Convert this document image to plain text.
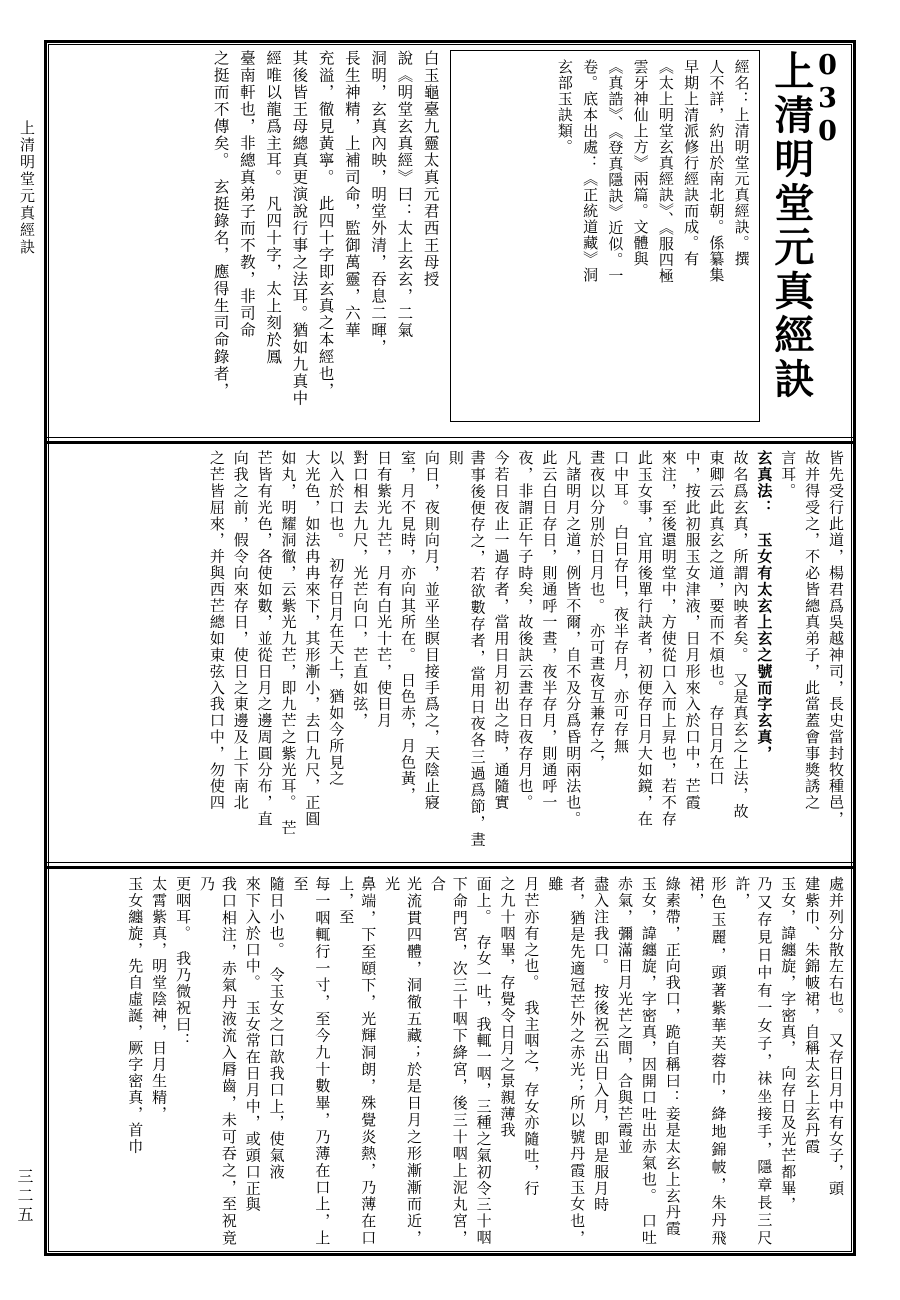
上清明堂元真經訣
三二五
030
上清明堂元真經訣
經名：上清明堂元真經訣。撰
人不詳，約出於南北朝。係纂集
早期上清派修行經訣而成。有
《太上明堂玄真經訣》、《服四極
雲牙神仙上方》兩篇。文體與
《真誥》、《登真隱訣》近似。一
卷。底本出處：《正統道藏》洞
玄部玉訣類。
白玉龜臺九靈太真元君西王母授
說《明堂玄真經》曰：太上玄玄，二氣
洞明，玄真內映，明堂外清，吞息二暉，
長生神精，上補司命，監御萬靈，六華
充溢，徹見黃寧。　此四十字即玄真之本經也，
其後皆王母總真更演說行事之法耳。猶如九真中
經唯以龍爲主耳。　凡四十字，太上刻於鳳
臺南軒也，非總真弟子而不教，非司命
之挺而不傳矣。　玄挺錄名，應得生司命錄者，
皆先受行此道，楊君爲吳越神司，長史當封牧種邑，
故并得受之，不必皆總真弟子，此當蓋會事獎誘之
言耳。
玄真法：　玉女有太玄上玄之號而字玄真，
故名爲玄真，所謂內映者矣。　又是真玄之上法，故
東卿云此真玄之道，要而不煩也。　存日月在口
中，按此初服玉女津液，日月形來入於口中，芒霞
來注，至後還明堂中，方使從口入而上昇也，若不存
此玉女事，宜用後單行訣者，初便存日月大如鏡，在
口中耳。　白日存日，夜半存月，亦可存無
晝夜以分別於日月也。　亦可晝夜互兼存之，
凡諸明月之道，例皆不爾，自不及分爲昏明兩法也。
此云白日存日，則通呼一晝，夜半存月，則通呼一
夜，非謂正午子時矣，故後訣云晝存日夜存月也。
今若日夜止一過存者，當用日月初出之時，通隨實
書事後便存之，若欲數存者，當用日夜各三過爲節，晝則
向日，夜則向月，並平坐瞑目接手爲之，天陰止寢
室，月不見時，亦向其所在。　日色赤，月色黃，
日有紫光九芒，月有白光十芒，使日月
對口相去九尺，光芒向口，芒直如弦，
以入於口也。　初存日月在天上，猶如今所見之
大光色，如法冉冉來下，其形漸小，去口九尺，正圓
如丸，明耀洞徹，云紫光九芒，即九芒之紫光耳。　芒
芒皆有光色，各使如數，並從日月之邊周圓分布，直
向我之前，假令向來存日，使日之東邊及上下南北
之芒皆屈來，并與西芒總如東弦入我口中，勿使四
處并列分散左右也。　又存日月中有女子，頭
建紫巾、朱錦帔裙，自稱太玄上玄丹霞
玉女，諱纏旋，字密真，　向存日及光芒都畢，
乃又存見日中有一女子，祙坐接手，隱章長三尺許，
形色玉麗，頭著紫華芙蓉巾，絳地錦帔，朱丹飛裙，
綠素帶，正向我口，跪自稱曰：妾是太玄上玄丹霞
玉女，諱纏旋，字密真，因開口吐出赤氣也。　口吐
赤氣，彌滿日月光芒之間，合與芒霞並
盡入注我口。　按後祝云出日入月，即是服月時
者，猶是先適冠芒外之赤光；所以號丹霞玉女也，雖
月芒亦有之也。　我主咽之，存女亦隨吐，行
之九十咽畢，存覺令日月之景親薄我
面上。　存女一吐，我輒一咽，三種之氣初令三十咽
下命門宮，次三十咽下絳宮，後三十咽上泥丸宮，合
光流貫四體，洞徹五藏；於是日月之形漸漸而近，光
鼻端，下至頤下，光輝洞朗，殊覺炎熱，乃薄在口上，至
每一咽輒行一寸，至今九十數畢，乃薄在口上，上至
隨日小也。　令玉女之口歆我口上，使氣液
來下入於口中。　玉女常在日月中，或頭口正與
我口相注，赤氣丹液流入脣齒，未可吞之，至祝竟乃
更咽耳。　我乃微祝曰：
太霄紫真，明堂陰神，日月生精，
玉女纏旋，先自虛誕，厥字密真，首巾
